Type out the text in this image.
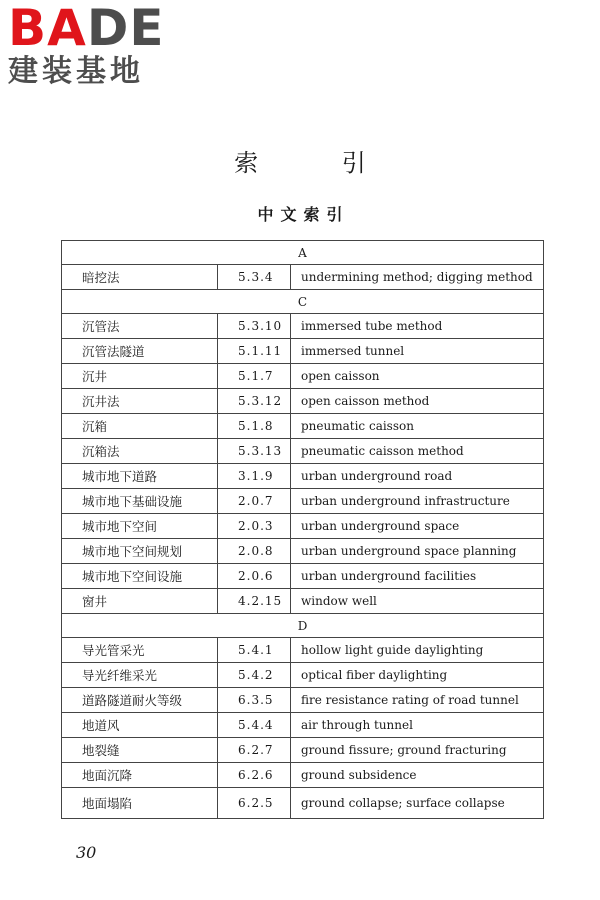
BADE
建装基地
索 引
中文索引
A		
暗挖法	5.3.4	undermining method; digging method
C		
沉管法	5.3.10	immersed tube method
沉管法隧道	5.1.11	immersed tunnel
沉井	5.1.7	open caisson
沉井法	5.3.12	open caisson method
沉箱	5.1.8	pneumatic caisson
沉箱法	5.3.13	pneumatic caisson method
城市地下道路	3.1.9	urban underground road
城市地下基础设施	2.0.7	urban underground infrastructure
城市地下空间	2.0.3	urban underground space
城市地下空间规划	2.0.8	urban underground space planning
城市地下空间设施	2.0.6	urban underground facilities
窗井	4.2.15	window well
D		
导光管采光	5.4.1	hollow light guide daylighting
导光纤维采光	5.4.2	optical fiber daylighting
道路隧道耐火等级	6.3.5	fire resistance rating of road tunnel
地道风	5.4.4	air through tunnel
地裂缝	6.2.7	ground fissure; ground fracturing
地面沉降	6.2.6	ground subsidence
地面塌陷	6.2.5	ground collapse; surface collapse
30
